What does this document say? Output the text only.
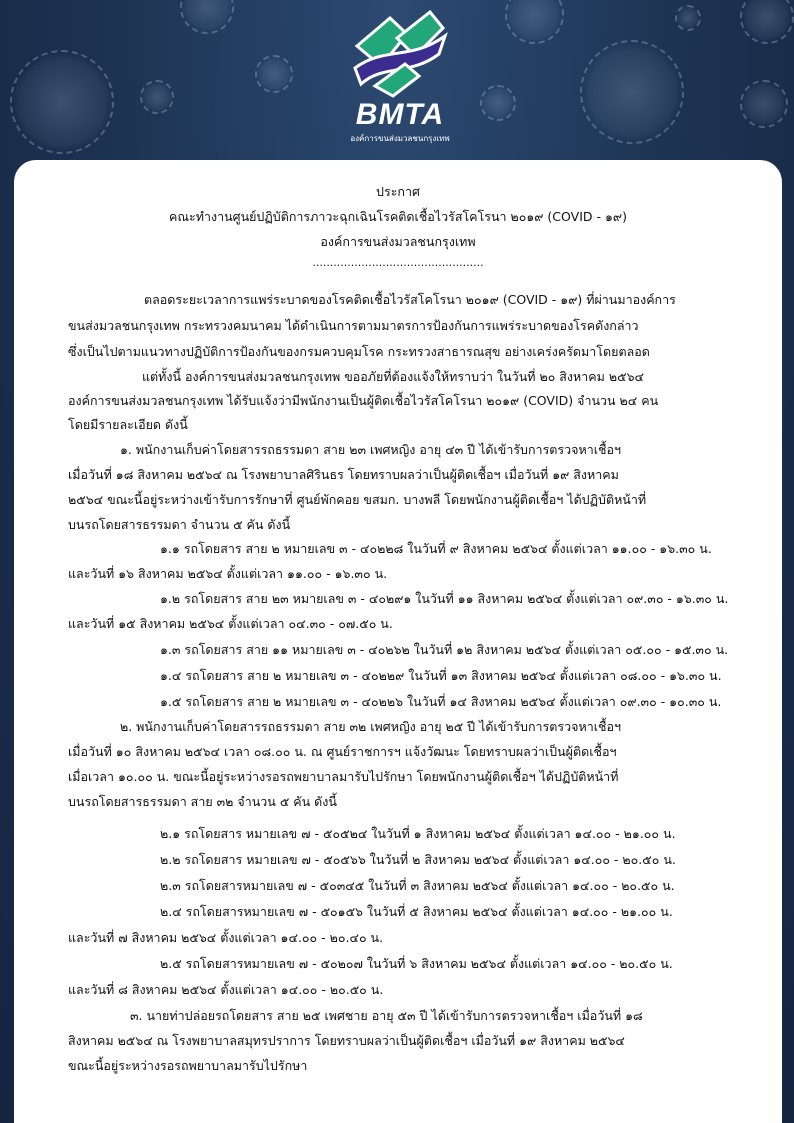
BMTA
องค์การขนส่งมวลชนกรุงเทพ
ประกาศ
คณะทำงานศูนย์ปฏิบัติการภาวะฉุกเฉินโรคติดเชื้อไวรัสโคโรนา ๒๐๑๙ (COVID - ๑๙)
องค์การขนส่งมวลชนกรุงเทพ
.................................................
ตลอดระยะเวลาการแพร่ระบาดของโรคติดเชื้อไวรัสโคโรนา ๒๐๑๙ (COVID - ๑๙) ที่ผ่านมาองค์การ
ขนส่งมวลชนกรุงเทพ กระทรวงคมนาคม ได้ดำเนินการตามมาตรการป้องกันการแพร่ระบาดของโรคดังกล่าว
ซึ่งเป็นไปตามแนวทางปฏิบัติการป้องกันของกรมควบคุมโรค กระทรวงสาธารณสุข อย่างเคร่งครัดมาโดยตลอด
แต่ทั้งนี้ องค์การขนส่งมวลชนกรุงเทพ ขออภัยที่ต้องแจ้งให้ทราบว่า ในวันที่ ๒๐ สิงหาคม ๒๕๖๔
องค์การขนส่งมวลชนกรุงเทพ ได้รับแจ้งว่ามีพนักงานเป็นผู้ติดเชื้อไวรัสโคโรนา ๒๐๑๙ (COVID) จำนวน ๒๔ คน
โดยมีรายละเอียด ดังนี้
๑. พนักงานเก็บค่าโดยสารรถธรรมดา สาย ๒๓ เพศหญิง อายุ ๔๓ ปี ได้เข้ารับการตรวจหาเชื้อฯ
เมื่อวันที่ ๑๘ สิงหาคม ๒๕๖๔ ณ โรงพยาบาลศิรินธร โดยทราบผลว่าเป็นผู้ติดเชื้อฯ เมื่อวันที่ ๑๙ สิงหาคม
๒๕๖๔ ขณะนี้อยู่ระหว่างเข้ารับการรักษาที่ ศูนย์พักคอย ขสมก. บางพลี โดยพนักงานผู้ติดเชื้อฯ ได้ปฏิบัติหน้าที่
บนรถโดยสารธรรมดา จำนวน ๕ คัน ดังนี้
๑.๑ รถโดยสาร สาย ๒ หมายเลข ๓ - ๔๐๒๒๘ ในวันที่ ๙ สิงหาคม ๒๕๖๔ ตั้งแต่เวลา ๑๑.๐๐ - ๑๖.๓๐ น.
และวันที่ ๑๖ สิงหาคม ๒๕๖๔ ตั้งแต่เวลา ๑๑.๐๐ - ๑๖.๓๐ น.
๑.๒ รถโดยสาร สาย ๒๓ หมายเลข ๓ - ๔๐๒๙๑ ในวันที่ ๑๑ สิงหาคม ๒๕๖๔ ตั้งแต่เวลา ๐๙.๓๐ - ๑๖.๓๐ น.
และวันที่ ๑๕ สิงหาคม ๒๕๖๔ ตั้งแต่เวลา ๐๔.๓๐ - ๐๗.๕๐ น.
๑.๓ รถโดยสาร สาย ๑๑ หมายเลข ๓ - ๔๐๒๖๒ ในวันที่ ๑๒ สิงหาคม ๒๕๖๔ ตั้งแต่เวลา ๐๕.๐๐ - ๑๕.๓๐ น.
๑.๔ รถโดยสาร สาย ๒ หมายเลข ๓ - ๔๐๒๒๙ ในวันที่ ๑๓ สิงหาคม ๒๕๖๔ ตั้งแต่เวลา ๐๘.๐๐ - ๑๖.๓๐ น.
๑.๕ รถโดยสาร สาย ๒ หมายเลข ๓ - ๔๐๒๒๖ ในวันที่ ๑๔ สิงหาคม ๒๕๖๔ ตั้งแต่เวลา ๐๙.๓๐ - ๑๐.๓๐ น.
๒. พนักงานเก็บค่าโดยสารรถธรรมดา สาย ๓๒ เพศหญิง อายุ ๒๕ ปี ได้เข้ารับการตรวจหาเชื้อฯ
เมื่อวันที่ ๑๐ สิงหาคม ๒๕๖๔ เวลา ๐๘.๐๐ น. ณ ศูนย์ราชการฯ แจ้งวัฒนะ โดยทราบผลว่าเป็นผู้ติดเชื้อฯ
เมื่อเวลา ๑๐.๐๐ น. ขณะนี้อยู่ระหว่างรอรถพยาบาลมารับไปรักษา โดยพนักงานผู้ติดเชื้อฯ ได้ปฏิบัติหน้าที่
บนรถโดยสารธรรมดา สาย ๓๒ จำนวน ๕ คัน ดังนี้
๒.๑ รถโดยสาร หมายเลข ๗ - ๕๐๕๒๔ ในวันที่ ๑ สิงหาคม ๒๕๖๔ ตั้งแต่เวลา ๑๔.๐๐ - ๒๑.๐๐ น.
๒.๒ รถโดยสาร หมายเลข ๗ - ๕๐๕๖๖ ในวันที่ ๒ สิงหาคม ๒๕๖๔ ตั้งแต่เวลา ๑๔.๐๐ - ๒๐.๕๐ น.
๒.๓ รถโดยสารหมายเลข ๗ - ๕๐๓๔๕ ในวันที่ ๓ สิงหาคม ๒๕๖๔ ตั้งแต่เวลา ๑๔.๐๐ - ๒๐.๕๐ น.
๒.๔ รถโดยสารหมายเลข ๗ - ๕๐๑๕๖ ในวันที่ ๕ สิงหาคม ๒๕๖๔ ตั้งแต่เวลา ๑๔.๐๐ - ๒๑.๐๐ น.
และวันที่ ๗ สิงหาคม ๒๕๖๔ ตั้งแต่เวลา ๑๔.๐๐ - ๒๐.๔๐ น.
๒.๕ รถโดยสารหมายเลข ๗ - ๕๐๒๐๗ ในวันที่ ๖ สิงหาคม ๒๕๖๔ ตั้งแต่เวลา ๑๔.๐๐ - ๒๐.๕๐ น.
และวันที่ ๘ สิงหาคม ๒๕๖๔ ตั้งแต่เวลา ๑๔.๐๐ - ๒๐.๕๐ น.
๓. นายท่าปล่อยรถโดยสาร สาย ๒๕ เพศชาย อายุ ๕๓ ปี ได้เข้ารับการตรวจหาเชื้อฯ เมื่อวันที่ ๑๘
สิงหาคม ๒๕๖๔ ณ โรงพยาบาลสมุทรปราการ โดยทราบผลว่าเป็นผู้ติดเชื้อฯ เมื่อวันที่ ๑๙ สิงหาคม ๒๕๖๔
ขณะนี้อยู่ระหว่างรอรถพยาบาลมารับไปรักษา
